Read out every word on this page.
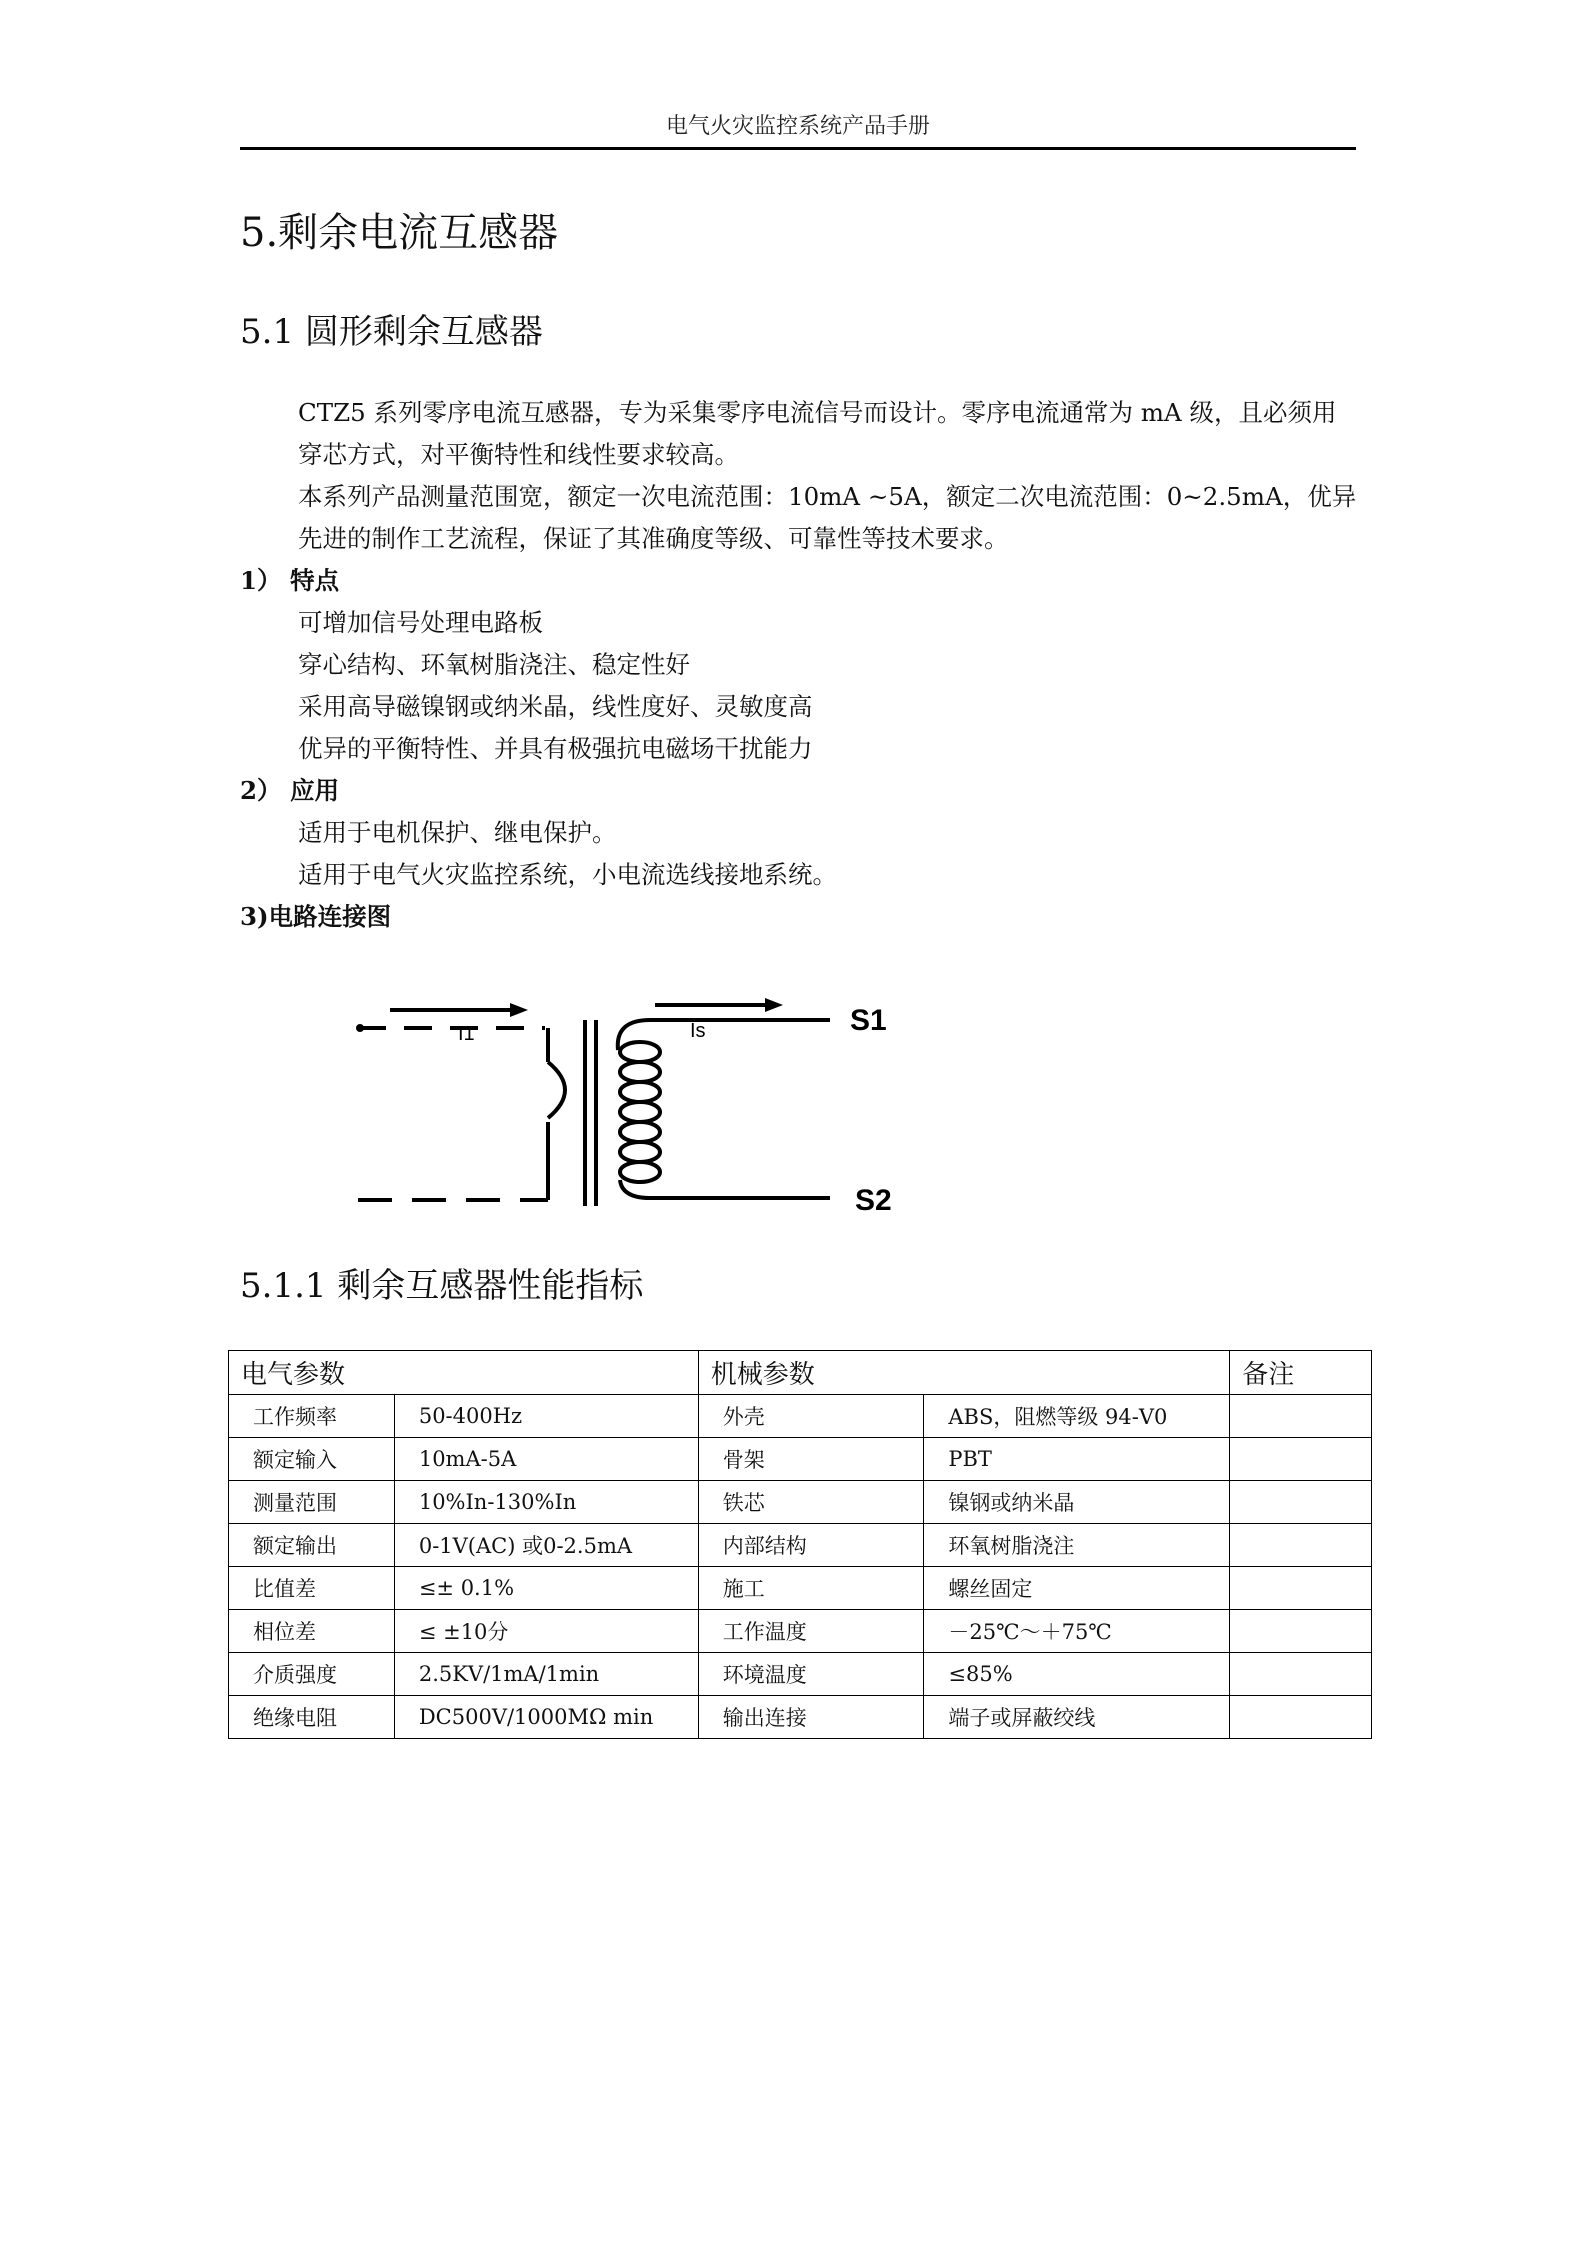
电气火灾监控系统产品手册
5.剩余电流互感器
5.1 圆形剩余互感器

CTZ5 系列零序电流互感器，专为采集零序电流信号而设计。零序电流通常为 mA 级，且必须用穿芯方式，对平衡特性和线性要求较高。

本系列产品测量范围宽，额定一次电流范围：10mA ~5A，额定二次电流范围：0~2.5mA，优异先进的制作工艺流程，保证了其准确度等级、可靠性等技术要求。

1） 特点

可增加信号处理电路板

穿心结构、环氧树脂浇注、稳定性好

采用高导磁镍钢或纳米晶，线性度好、灵敏度高

优异的平衡特性、并具有极强抗电磁场干扰能力

2） 应用

适用于电机保护、继电保护。

适用于电气火灾监控系统，小电流选线接地系统。

3)电路连接图

I1	Is	S1
S2
5.1.1 剩余互感器性能指标
电气参数		机械参数		备注
工作频率	50-400Hz	外壳	ABS，阻燃等级 94-V0	
额定输入	10mA-5A	骨架	PBT	
测量范围	10%In-130%In	铁芯	镍钢或纳米晶	
额定输出	0-1V(AC) 或0-2.5mA	内部结构	环氧树脂浇注	
比值差	≤± 0.1%	施工	螺丝固定	
相位差	≤ ±10分	工作温度	－25℃～＋75℃	
介质强度	2.5KV/1mA/1min	环境温度	≤85%	
绝缘电阻	DC500V/1000MΩ min	输出连接	端子或屏蔽绞线	
